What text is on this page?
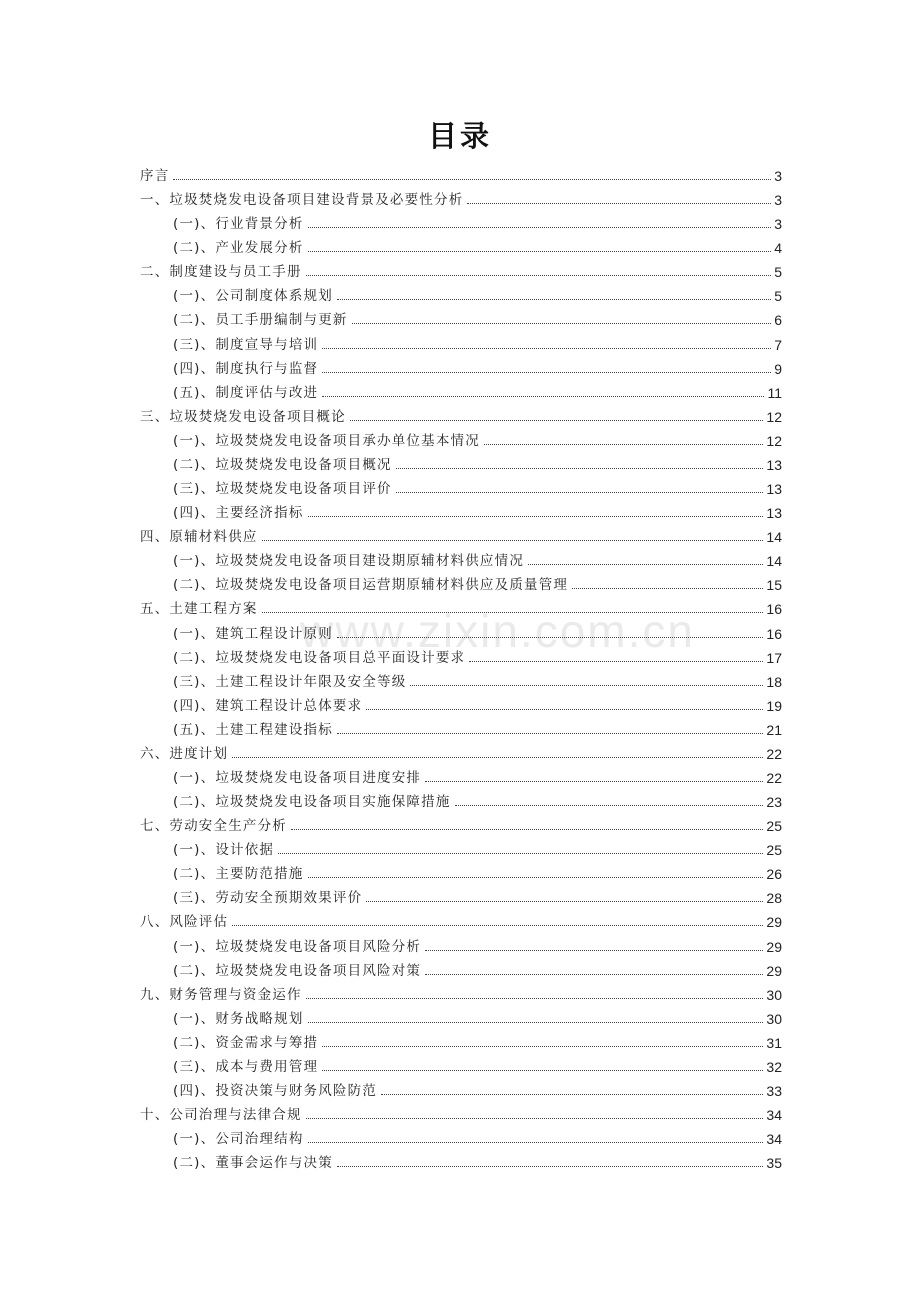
目录
www.zixin.com.cn
序言	3
一、垃圾焚烧发电设备项目建设背景及必要性分析	3
(一)、行业背景分析	3
(二)、产业发展分析	4
二、制度建设与员工手册	5
(一)、公司制度体系规划	5
(二)、员工手册编制与更新	6
(三)、制度宣导与培训	7
(四)、制度执行与监督	9
(五)、制度评估与改进	11
三、垃圾焚烧发电设备项目概论	12
(一)、垃圾焚烧发电设备项目承办单位基本情况	12
(二)、垃圾焚烧发电设备项目概况	13
(三)、垃圾焚烧发电设备项目评价	13
(四)、主要经济指标	13
四、原辅材料供应	14
(一)、垃圾焚烧发电设备项目建设期原辅材料供应情况	14
(二)、垃圾焚烧发电设备项目运营期原辅材料供应及质量管理	15
五、土建工程方案	16
(一)、建筑工程设计原则	16
(二)、垃圾焚烧发电设备项目总平面设计要求	17
(三)、土建工程设计年限及安全等级	18
(四)、建筑工程设计总体要求	19
(五)、土建工程建设指标	21
六、进度计划	22
(一)、垃圾焚烧发电设备项目进度安排	22
(二)、垃圾焚烧发电设备项目实施保障措施	23
七、劳动安全生产分析	25
(一)、设计依据	25
(二)、主要防范措施	26
(三)、劳动安全预期效果评价	28
八、风险评估	29
(一)、垃圾焚烧发电设备项目风险分析	29
(二)、垃圾焚烧发电设备项目风险对策	29
九、财务管理与资金运作	30
(一)、财务战略规划	30
(二)、资金需求与筹措	31
(三)、成本与费用管理	32
(四)、投资决策与财务风险防范	33
十、公司治理与法律合规	34
(一)、公司治理结构	34
(二)、董事会运作与决策	35
